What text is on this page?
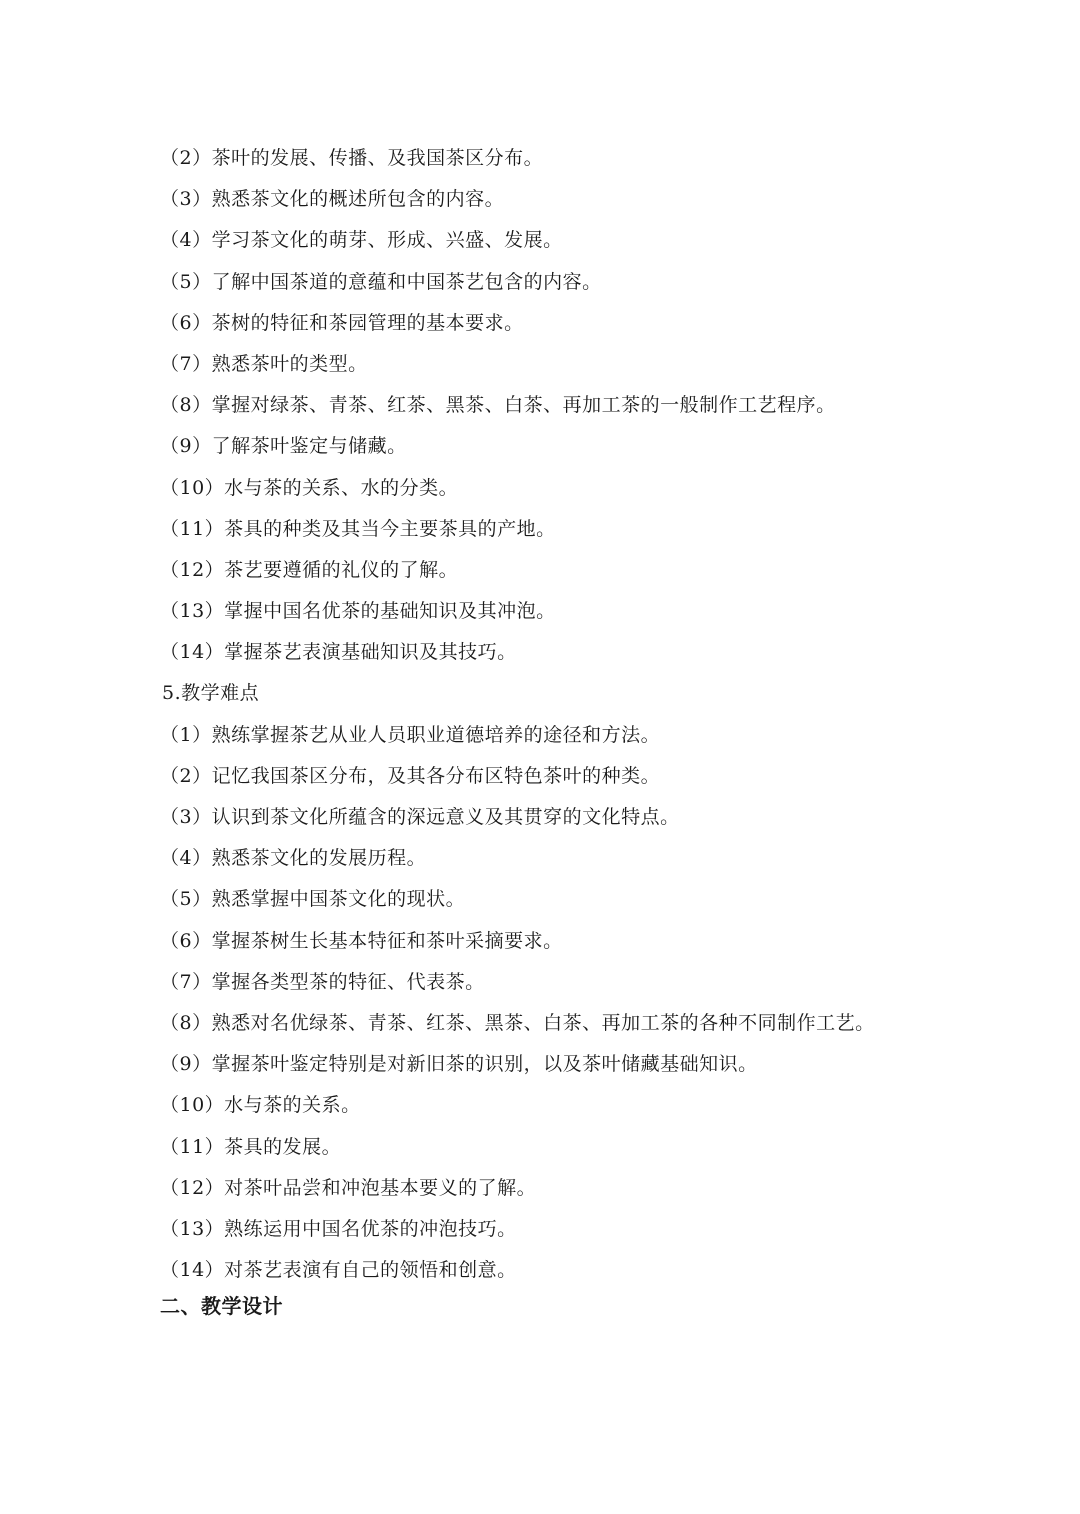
（2）茶叶的发展、传播、及我国茶区分布。
（3）熟悉茶文化的概述所包含的内容。
（4）学习茶文化的萌芽、形成、兴盛、发展。
（5）了解中国茶道的意蕴和中国茶艺包含的内容。
（6）茶树的特征和茶园管理的基本要求。
（7）熟悉茶叶的类型。
（8）掌握对绿茶、青茶、红茶、黑茶、白茶、再加工茶的一般制作工艺程序。
（9）了解茶叶鉴定与储藏。
（10）水与茶的关系、水的分类。
（11）茶具的种类及其当今主要茶具的产地。
（12）茶艺要遵循的礼仪的了解。
（13）掌握中国名优茶的基础知识及其冲泡。
（14）掌握茶艺表演基础知识及其技巧。
5.教学难点
（1）熟练掌握茶艺从业人员职业道德培养的途径和方法。
（2）记忆我国茶区分布，及其各分布区特色茶叶的种类。
（3）认识到茶文化所蕴含的深远意义及其贯穿的文化特点。
（4）熟悉茶文化的发展历程。
（5）熟悉掌握中国茶文化的现状。
（6）掌握茶树生长基本特征和茶叶采摘要求。
（7）掌握各类型茶的特征、代表茶。
（8）熟悉对名优绿茶、青茶、红茶、黑茶、白茶、再加工茶的各种不同制作工艺。
（9）掌握茶叶鉴定特别是对新旧茶的识别，以及茶叶储藏基础知识。
（10）水与茶的关系。
（11）茶具的发展。
（12）对茶叶品尝和冲泡基本要义的了解。
（13）熟练运用中国名优茶的冲泡技巧。
（14）对茶艺表演有自己的领悟和创意。
二、教学设计
